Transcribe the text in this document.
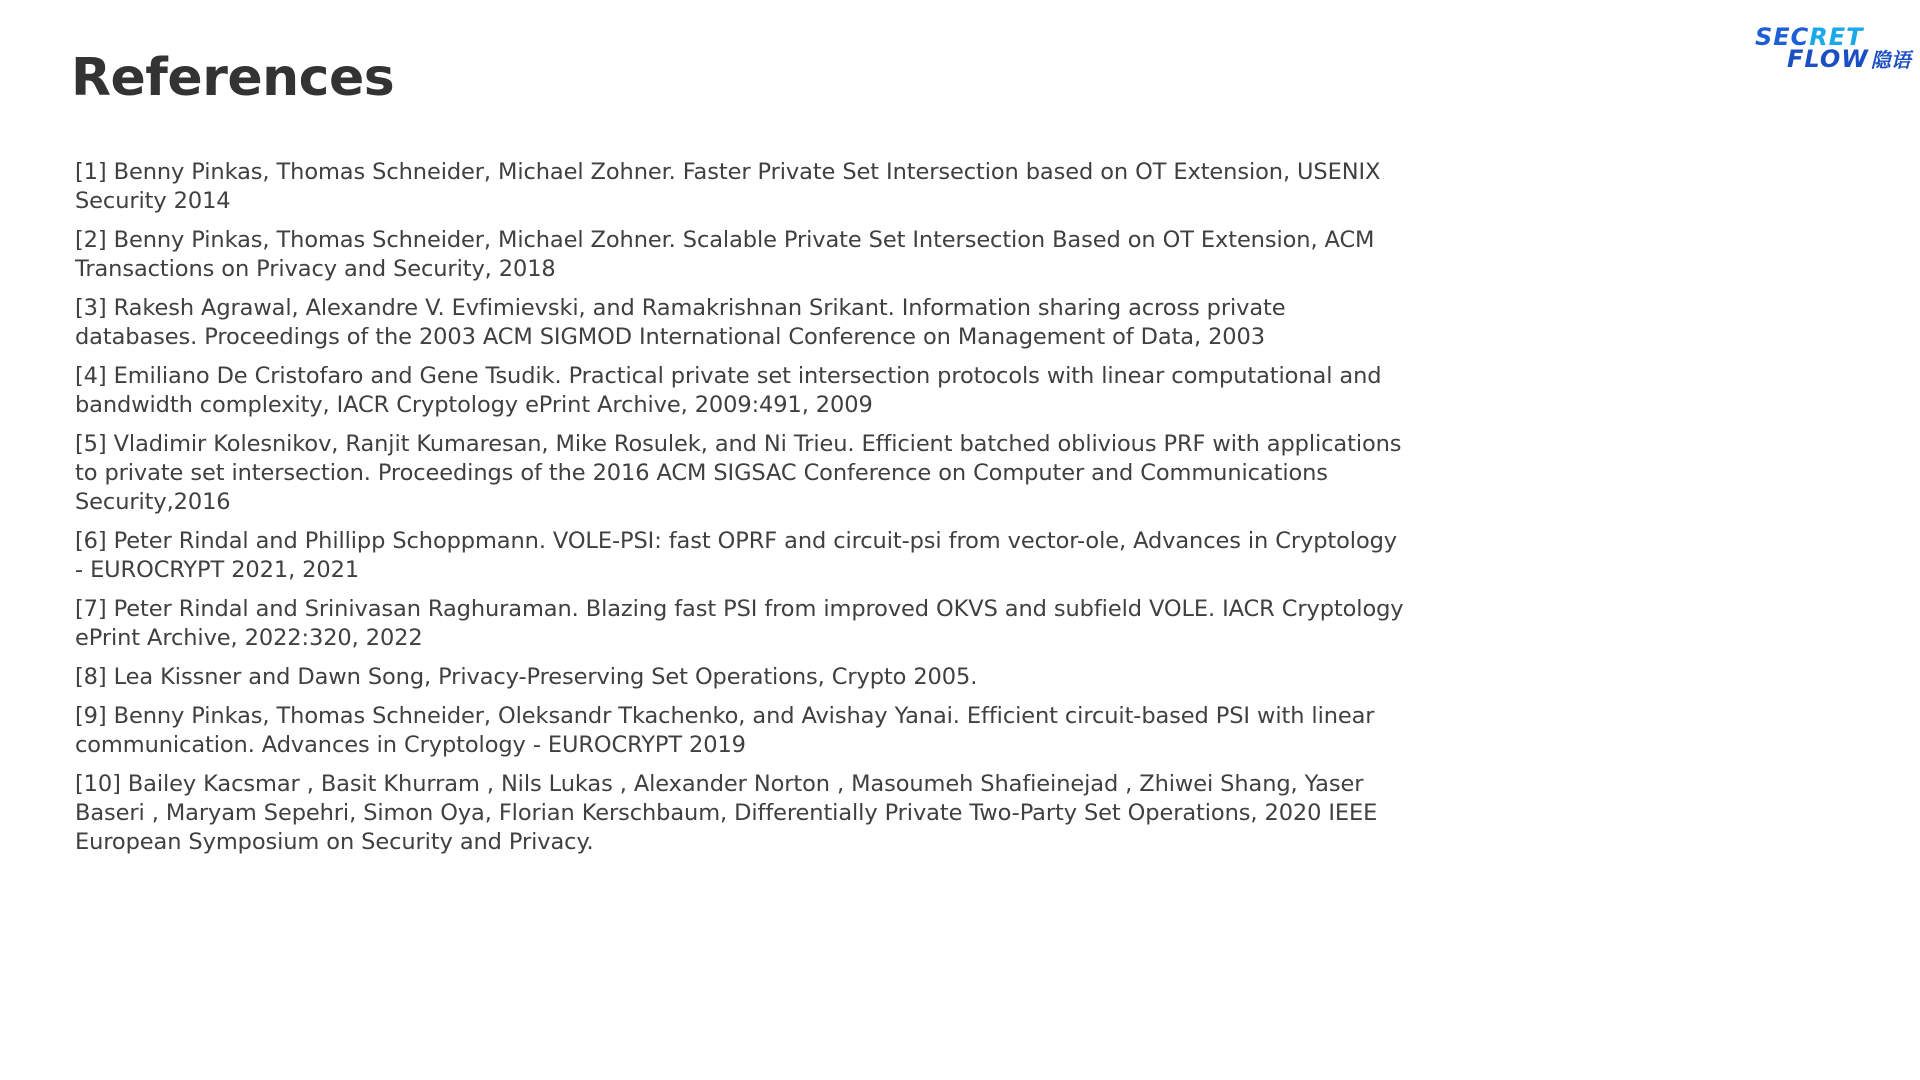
References
SECRET
FLOW 隐语
[1] Benny Pinkas, Thomas Schneider, Michael Zohner. Faster Private Set Intersection based on OT Extension, USENIX Security 2014
[2] Benny Pinkas, Thomas Schneider, Michael Zohner. Scalable Private Set Intersection Based on OT Extension, ACM Transactions on Privacy and Security, 2018
[3] Rakesh Agrawal, Alexandre V. Evfimievski, and Ramakrishnan Srikant. Information sharing across private databases. Proceedings of the 2003 ACM SIGMOD International Conference on Management of Data, 2003
[4] Emiliano De Cristofaro and Gene Tsudik. Practical private set intersection protocols with linear computational and bandwidth complexity, IACR Cryptology ePrint Archive, 2009:491, 2009
[5] Vladimir Kolesnikov, Ranjit Kumaresan, Mike Rosulek, and Ni Trieu. Efficient batched oblivious PRF with applications to private set intersection. Proceedings of the 2016 ACM SIGSAC Conference on Computer and Communications Security,2016
[6] Peter Rindal and Phillipp Schoppmann. VOLE-PSI: fast OPRF and circuit-psi from vector-ole, Advances in Cryptology - EUROCRYPT 2021, 2021
[7] Peter Rindal and Srinivasan Raghuraman. Blazing fast PSI from improved OKVS and subfield VOLE. IACR Cryptology ePrint Archive, 2022:320, 2022
[8] Lea Kissner and Dawn Song, Privacy-Preserving Set Operations, Crypto 2005.
[9] Benny Pinkas, Thomas Schneider, Oleksandr Tkachenko, and Avishay Yanai. Efficient circuit-based PSI with linear communication. Advances in Cryptology - EUROCRYPT 2019
[10] Bailey Kacsmar , Basit Khurram , Nils Lukas , Alexander Norton , Masoumeh Shafieinejad , Zhiwei Shang, Yaser Baseri , Maryam Sepehri, Simon Oya, Florian Kerschbaum, Differentially Private Two-Party Set Operations, 2020 IEEE European Symposium on Security and Privacy.
